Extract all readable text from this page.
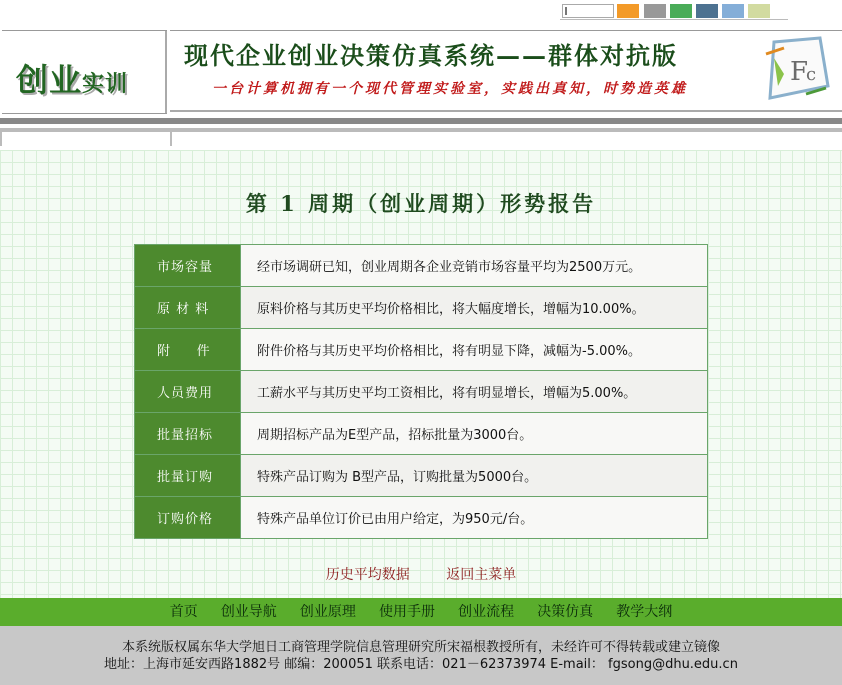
创业实训
现代企业创业决策仿真系统——群体对抗版
一台计算机拥有一个现代管理实验室，实践出真知，时势造英雄
F
c
第 1 周期（创业周期）形势报告
市场容量	经市场调研已知，创业周期各企业竞销市场容量平均为2500万元。
原 材 料	原料价格与其历史平均价格相比，将大幅度增长，增幅为10.00%。
附     件	附件价格与其历史平均价格相比，将有明显下降，减幅为-5.00%。
人员费用	工薪水平与其历史平均工资相比，将有明显增长，增幅为5.00%。
批量招标	周期招标产品为E型产品，招标批量为3000台。
批量订购	特殊产品订购为 B型产品，订购批量为5000台。
订购价格	特殊产品单位订价已由用户给定，为950元/台。
历史平均数据	返回主菜单
首页 创业导航 创业原理 使用手册 创业流程 决策仿真 教学大纲
本系统版权属东华大学旭日工商管理学院信息管理研究所宋福根教授所有，未经许可不得转载或建立镜像
地址：上海市延安西路1882号 邮编：200051 联系电话：021－62373974 E-mail： fgsong@dhu.edu.cn
